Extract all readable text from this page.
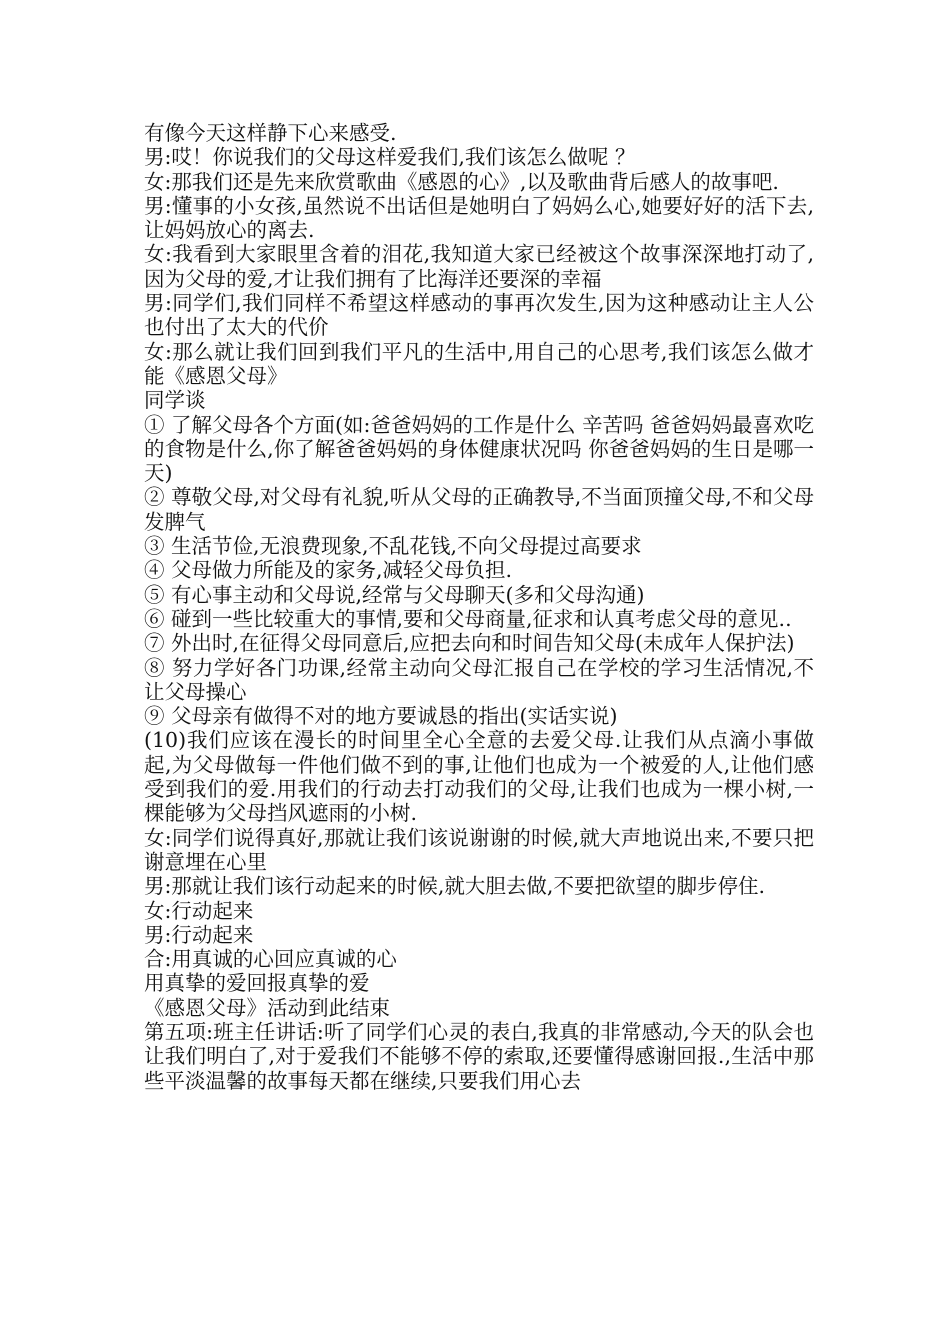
有像今天这样静下心来感受.

男:哎！你说我们的父母这样爱我们,我们该怎么做呢 ？

女:那我们还是先来欣赏歌曲《感恩的心》,以及歌曲背后感人的故事吧.

男:懂事的小女孩,虽然说不出话但是她明白了妈妈么心,她要好好的活下去,让妈妈放心的离去.

女:我看到大家眼里含着的泪花,我知道大家已经被这个故事深深地打动了,因为父母的爱,才让我们拥有了比海洋还要深的幸福

男:同学们,我们同样不希望这样感动的事再次发生,因为这种感动让主人公也付出了太大的代价

女:那么就让我们回到我们平凡的生活中,用自己的心思考,我们该怎么做才能《感恩父母》

同学谈

① 了解父母各个方面(如:爸爸妈妈的工作是什么 辛苦吗 爸爸妈妈最喜欢吃的食物是什么,你了解爸爸妈妈的身体健康状况吗 你爸爸妈妈的生日是哪一天)

② 尊敬父母,对父母有礼貌,听从父母的正确教导,不当面顶撞父母,不和父母发脾气

③ 生活节俭,无浪费现象,不乱花钱,不向父母提过高要求

④ 父母做力所能及的家务,减轻父母负担.

⑤ 有心事主动和父母说,经常与父母聊天(多和父母沟通)

⑥ 碰到一些比较重大的事情,要和父母商量,征求和认真考虑父母的意见..

⑦ 外出时,在征得父母同意后,应把去向和时间告知父母(未成年人保护法)

⑧ 努力学好各门功课,经常主动向父母汇报自己在学校的学习生活情况,不让父母操心

⑨ 父母亲有做得不对的地方要诚恳的指出(实话实说)

(10)我们应该在漫长的时间里全心全意的去爱父母.让我们从点滴小事做起,为父母做每一件他们做不到的事,让他们也成为一个被爱的人,让他们感受到我们的爱.用我们的行动去打动我们的父母,让我们也成为一棵小树,一棵能够为父母挡风遮雨的小树.

女:同学们说得真好,那就让我们该说谢谢的时候,就大声地说出来,不要只把谢意埋在心里

男:那就让我们该行动起来的时候,就大胆去做,不要把欲望的脚步停住.

女:行动起来

男:行动起来

合:用真诚的心回应真诚的心

用真挚的爱回报真挚的爱

《感恩父母》活动到此结束

第五项:班主任讲话:听了同学们心灵的表白,我真的非常感动,今天的队会也让我们明白了,对于爱我们不能够不停的索取,还要懂得感谢回报.,生活中那些平淡温馨的故事每天都在继续,只要我们用心去
